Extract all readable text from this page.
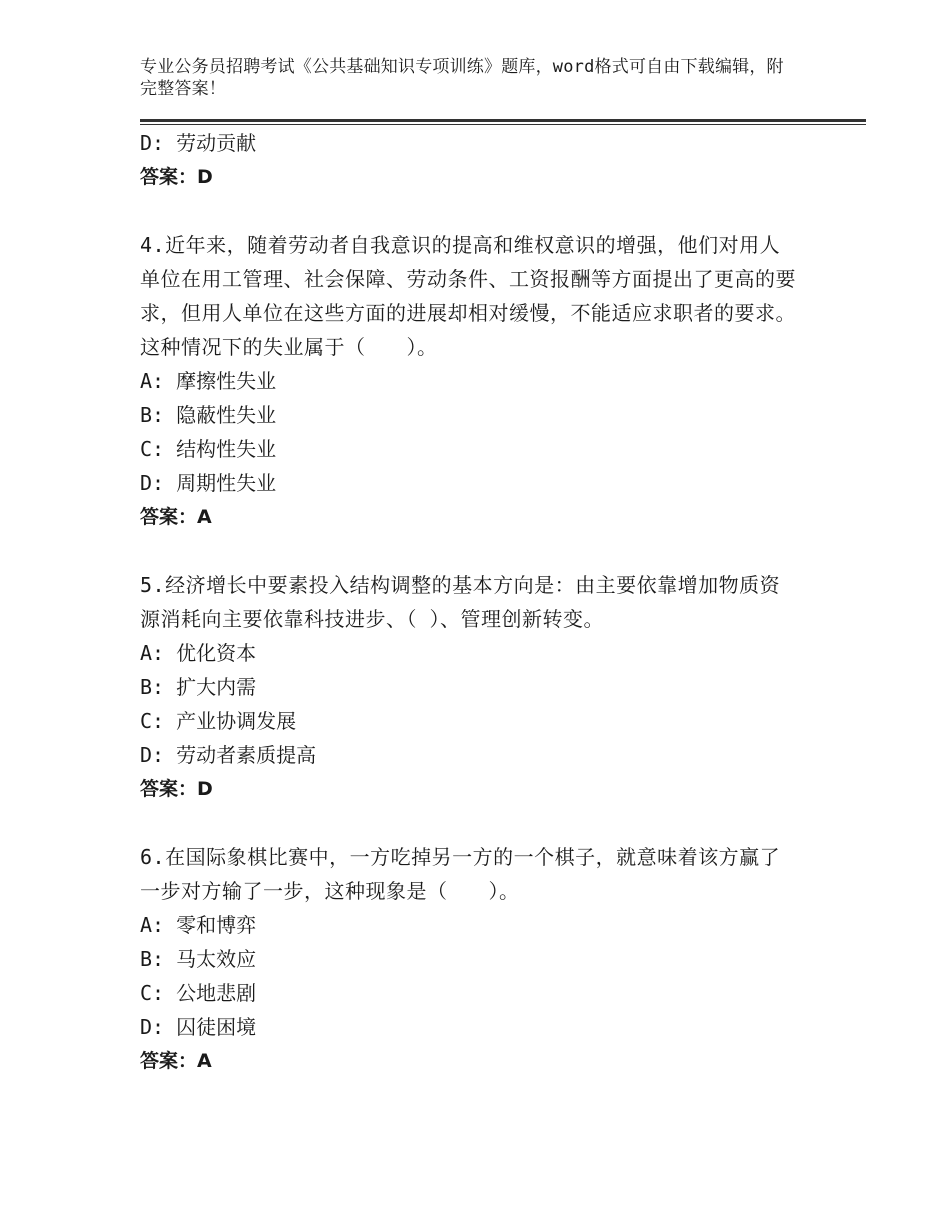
专业公务员招聘考试《公共基础知识专项训练》题库，word格式可自由下载编辑，附完整答案！
D: 劳动贡献
答案：D
4.近年来，随着劳动者自我意识的提高和维权意识的增强，他们对用人单位在用工管理、社会保障、劳动条件、工资报酬等方面提出了更高的要求，但用人单位在这些方面的进展却相对缓慢，不能适应求职者的要求。这种情况下的失业属于（　　）。
A: 摩擦性失业
B: 隐蔽性失业
C: 结构性失业
D: 周期性失业
答案：A
5.经济增长中要素投入结构调整的基本方向是：由主要依靠增加物质资源消耗向主要依靠科技进步、（ ）、管理创新转变。
A: 优化资本
B: 扩大内需
C: 产业协调发展
D: 劳动者素质提高
答案：D
6.在国际象棋比赛中，一方吃掉另一方的一个棋子，就意味着该方赢了一步对方输了一步，这种现象是（　　）。
A: 零和博弈
B: 马太效应
C: 公地悲剧
D: 囚徒困境
答案：A
